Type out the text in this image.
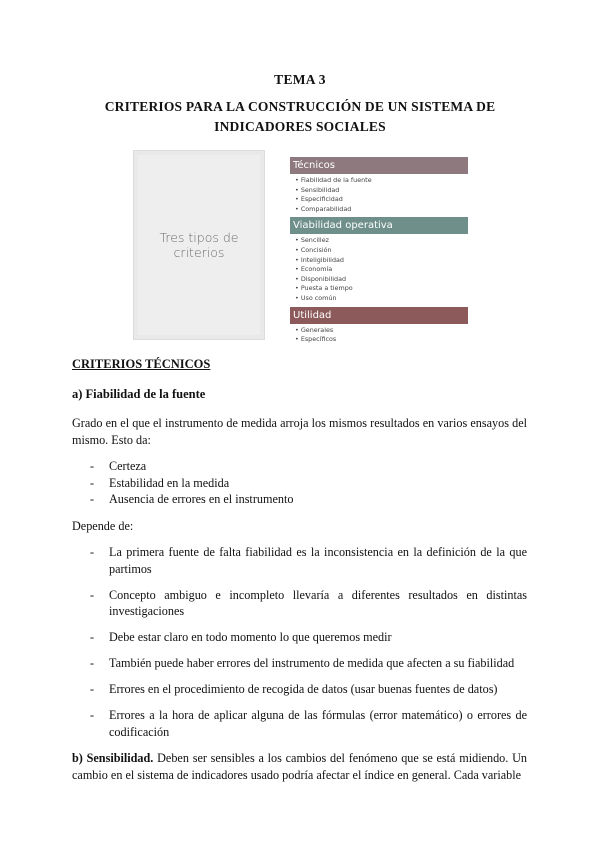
TEMA 3
CRITERIOS PARA LA CONSTRUCCIÓN DE UN SISTEMA DE INDICADORES SOCIALES
Tres tipos de criterios
Técnicos
• Fiabilidad de la fuente
• Sensibilidad
• Especificidad
• Comparabilidad
Viabilidad operativa
• Sencillez
• Concisión
• Inteligibilidad
• Economía
• Disponibilidad
• Puesta a tiempo
• Uso común
Utilidad
• Generales
• Específicos
CRITERIOS TÉCNICOS
a) Fiabilidad de la fuente

Grado en el que el instrumento de medida arroja los mismos resultados en varios ensayos del mismo. Esto da:

- Certeza
- Estabilidad en la medida
- Ausencia de errores en el instrumento

Depende de:

- La primera fuente de falta fiabilidad es la inconsistencia en la definición de la que partimos
- Concepto ambiguo e incompleto llevaría a diferentes resultados en distintas investigaciones
- Debe estar claro en todo momento lo que queremos medir
- También puede haber errores del instrumento de medida que afecten a su fiabilidad
- Errores en el procedimiento de recogida de datos (usar buenas fuentes de datos)
- Errores a la hora de aplicar alguna de las fórmulas (error matemático) o errores de codificación

b) Sensibilidad. Deben ser sensibles a los cambios del fenómeno que se está midiendo. Un cambio en el sistema de indicadores usado podría afectar el índice en general. Cada variable
